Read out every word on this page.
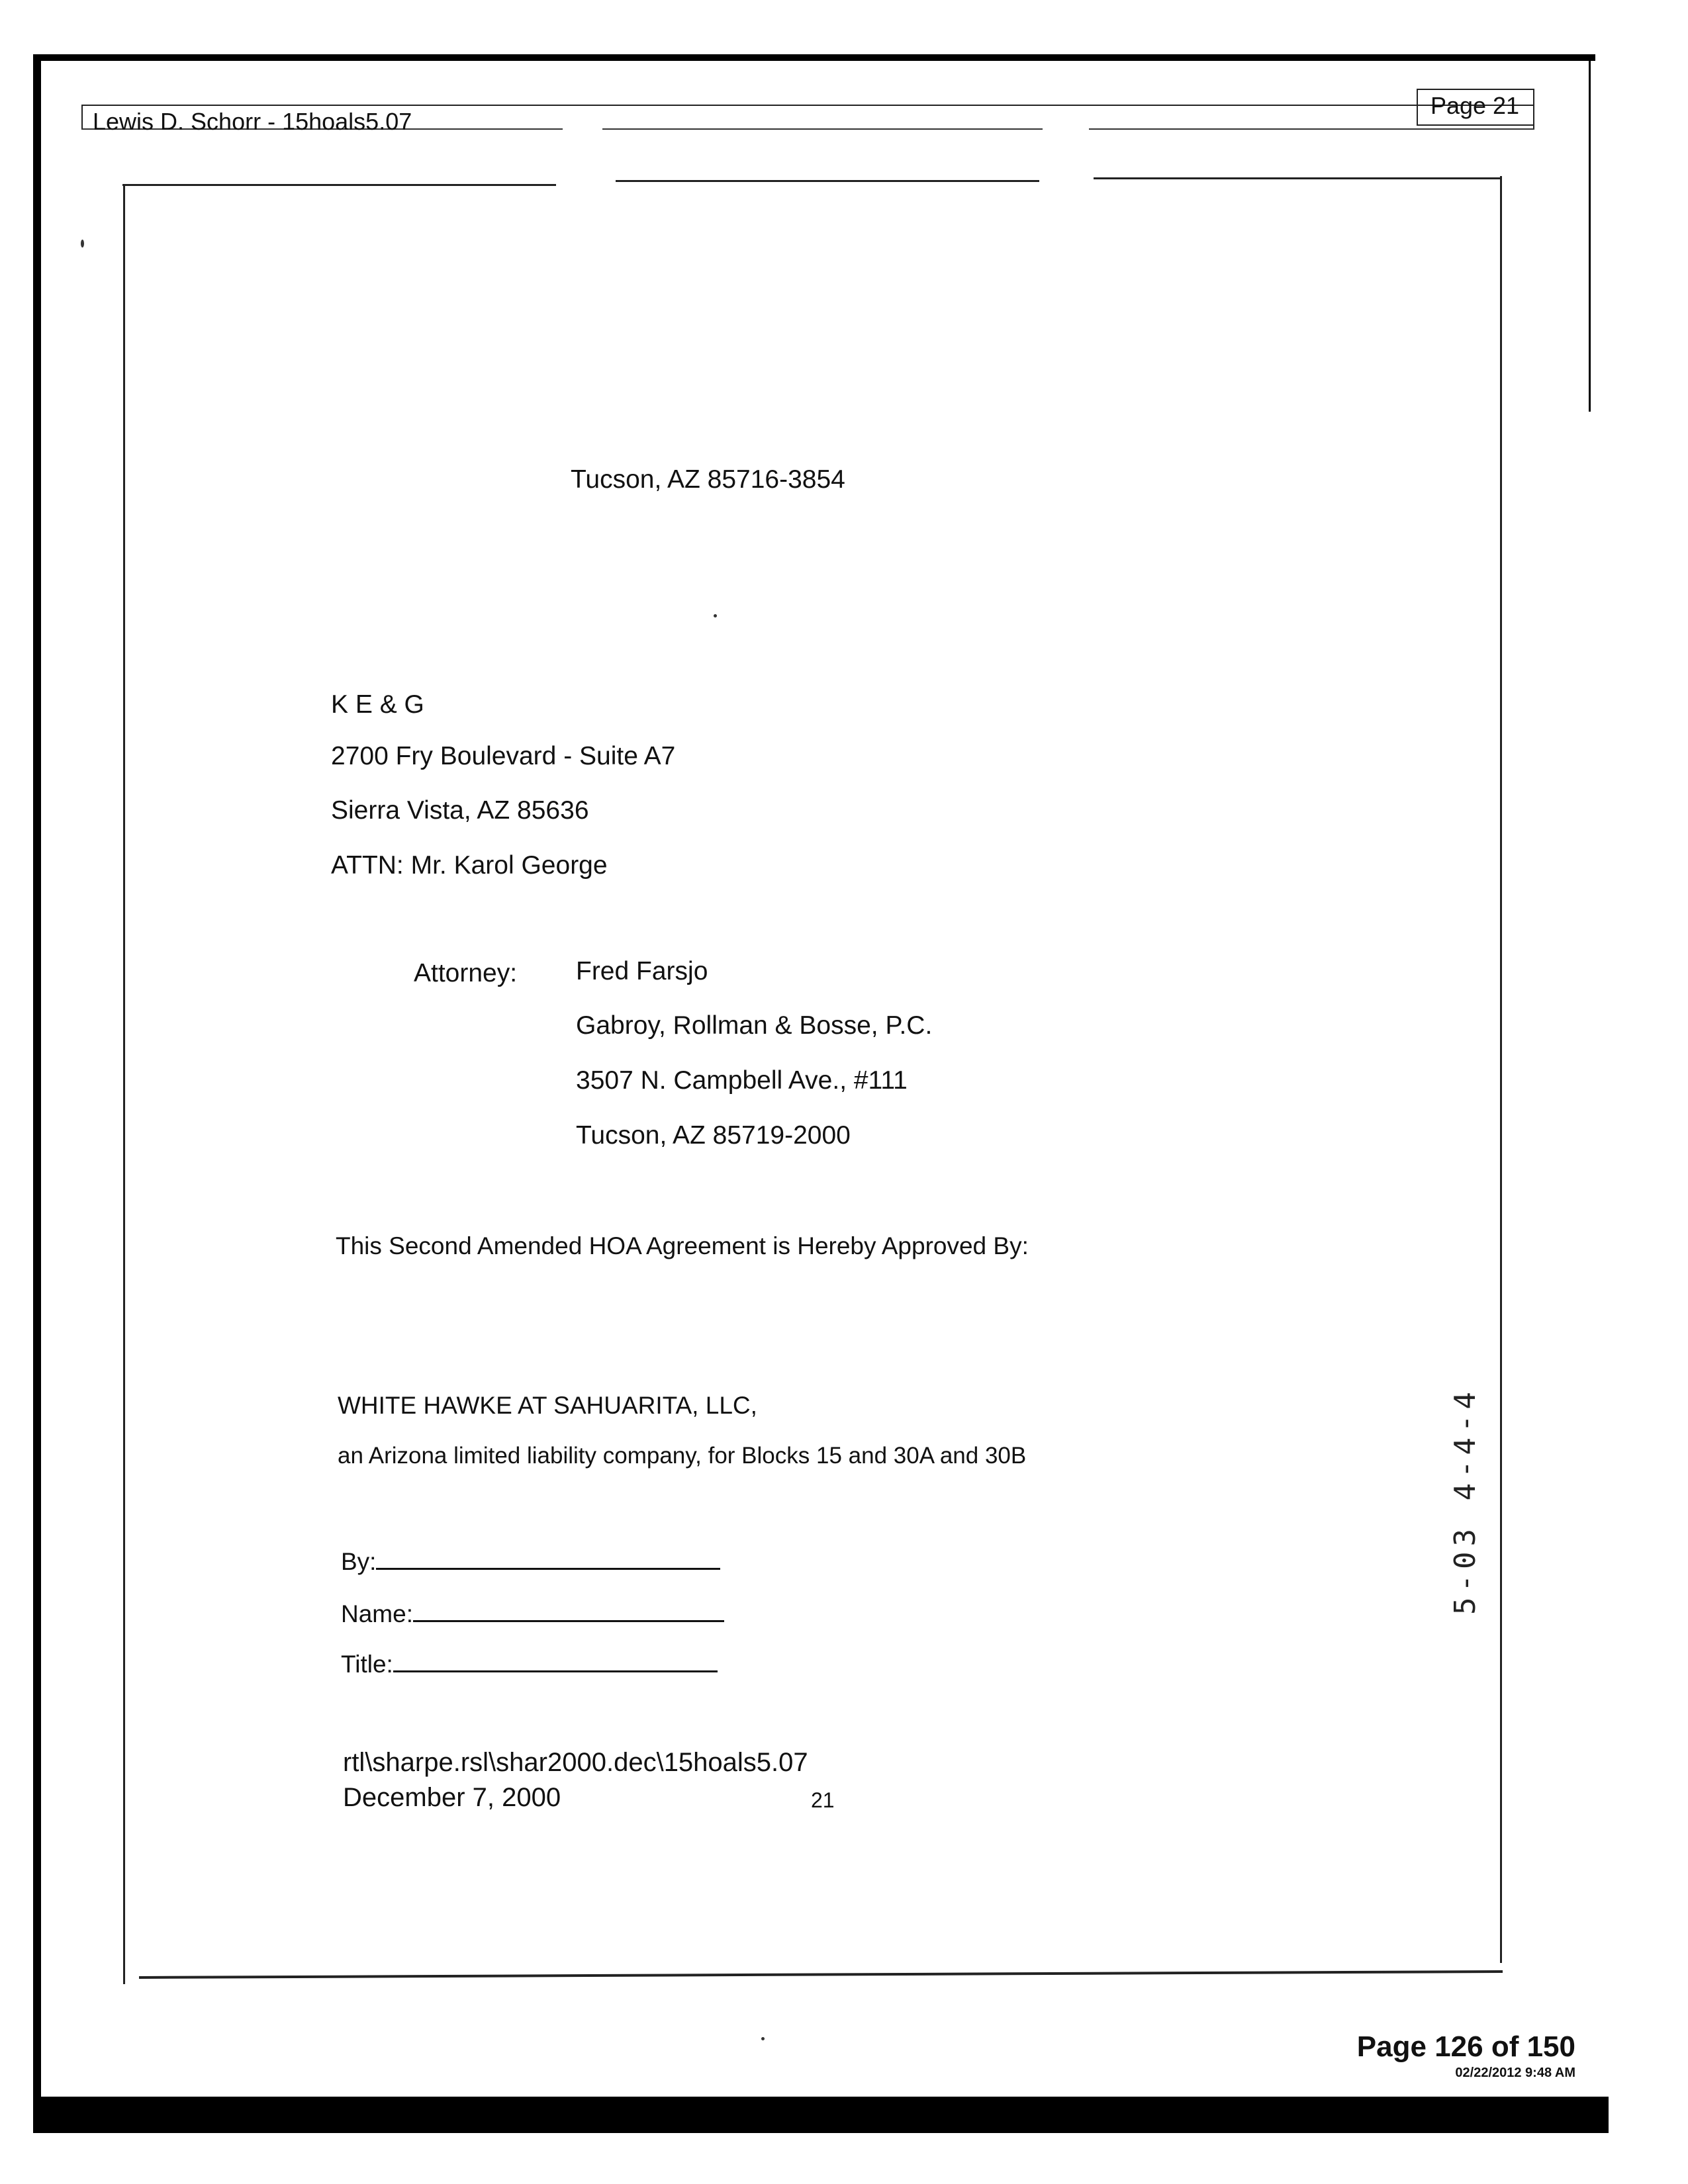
Lewis D. Schorr - 15hoals5.07
Page 21
Tucson, AZ 85716-3854
K E & G
2700 Fry Boulevard - Suite A7
Sierra Vista, AZ 85636
ATTN: Mr. Karol George
Attorney: Fred Farsjo
Gabroy, Rollman & Bosse, P.C.
3507 N. Campbell Ave., #111
Tucson, AZ 85719-2000
This Second Amended HOA Agreement is Hereby Approved By:
WHITE HAWKE AT SAHUARITA, LLC,
an Arizona limited liability company, for Blocks 15 and 30A and 30B
By:
Name:
Title:
rtl\sharpe.rsl\shar2000.dec\15hoals5.07
December 7, 2000	21
5-03 4-4-4
Page 126 of 150
02/22/2012 9:48 AM
